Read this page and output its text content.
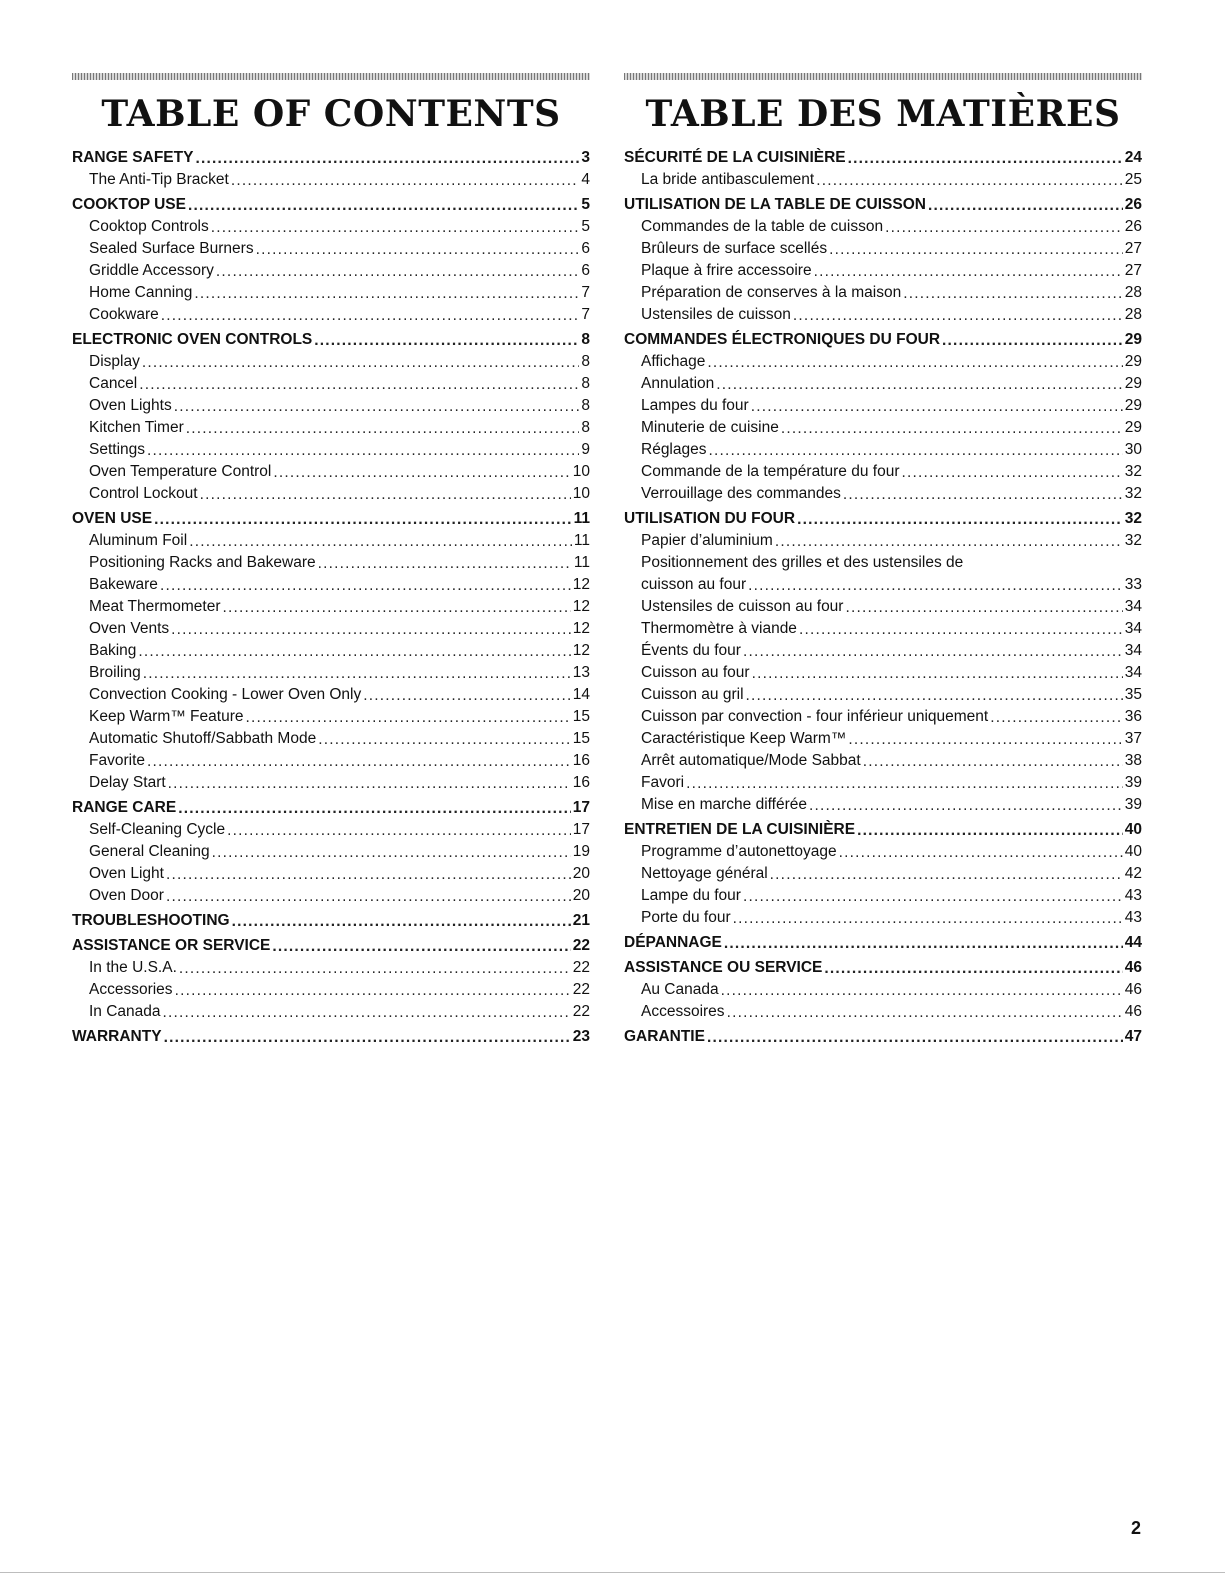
TABLE OF CONTENTS
RANGE SAFETY .....	3
The Anti-Tip Bracket .....	4
COOKTOP USE .....	5
Cooktop Controls .....	5
Sealed Surface Burners .....	6
Griddle Accessory .....	6
Home Canning .....	7
Cookware .....	7
ELECTRONIC OVEN CONTROLS .....	8
Display .....	8
Cancel .....	8
Oven Lights .....	8
Kitchen Timer .....	8
Settings .....	9
Oven Temperature Control .....	10
Control Lockout .....	10
OVEN USE .....	11
Aluminum Foil .....	11
Positioning Racks and Bakeware .....	11
Bakeware .....	12
Meat Thermometer .....	12
Oven Vents .....	12
Baking .....	12
Broiling .....	13
Convection Cooking - Lower Oven Only .....	14
Keep Warm™ Feature .....	15
Automatic Shutoff/Sabbath Mode .....	15
Favorite .....	16
Delay Start .....	16
RANGE CARE .....	17
Self-Cleaning Cycle .....	17
General Cleaning .....	19
Oven Light .....	20
Oven Door .....	20
TROUBLESHOOTING .....	21
ASSISTANCE OR SERVICE .....	22
In the U.S.A. .....	22
Accessories .....	22
In Canada .....	22
WARRANTY .....	23
TABLE DES MATIÈRES
SÉCURITÉ DE LA CUISINIÈRE .....	24
La bride antibasculement .....	25
UTILISATION DE LA TABLE DE CUISSON .....	26
Commandes de la table de cuisson .....	26
Brûleurs de surface scellés .....	27
Plaque à frire accessoire .....	27
Préparation de conserves à la maison .....	28
Ustensiles de cuisson .....	28
COMMANDES ÉLECTRONIQUES DU FOUR .....	29
Affichage .....	29
Annulation .....	29
Lampes du four .....	29
Minuterie de cuisine .....	29
Réglages .....	30
Commande de la température du four .....	32
Verrouillage des commandes .....	32
UTILISATION DU FOUR .....	32
Papier d’aluminium .....	32
Positionnement des grilles et des ustensiles de
cuisson au four .....	33
Ustensiles de cuisson au four .....	34
Thermomètre à viande .....	34
Évents du four .....	34
Cuisson au four .....	34
Cuisson au gril .....	35
Cuisson par convection - four inférieur uniquement .....	36
Caractéristique Keep Warm™ .....	37
Arrêt automatique/Mode Sabbat .....	38
Favori .....	39
Mise en marche différée .....	39
ENTRETIEN DE LA CUISINIÈRE .....	40
Programme d’autonettoyage .....	40
Nettoyage général .....	42
Lampe du four .....	43
Porte du four .....	43
DÉPANNAGE .....	44
ASSISTANCE OU SERVICE .....	46
Au Canada .....	46
Accessoires .....	46
GARANTIE .....	47
2
